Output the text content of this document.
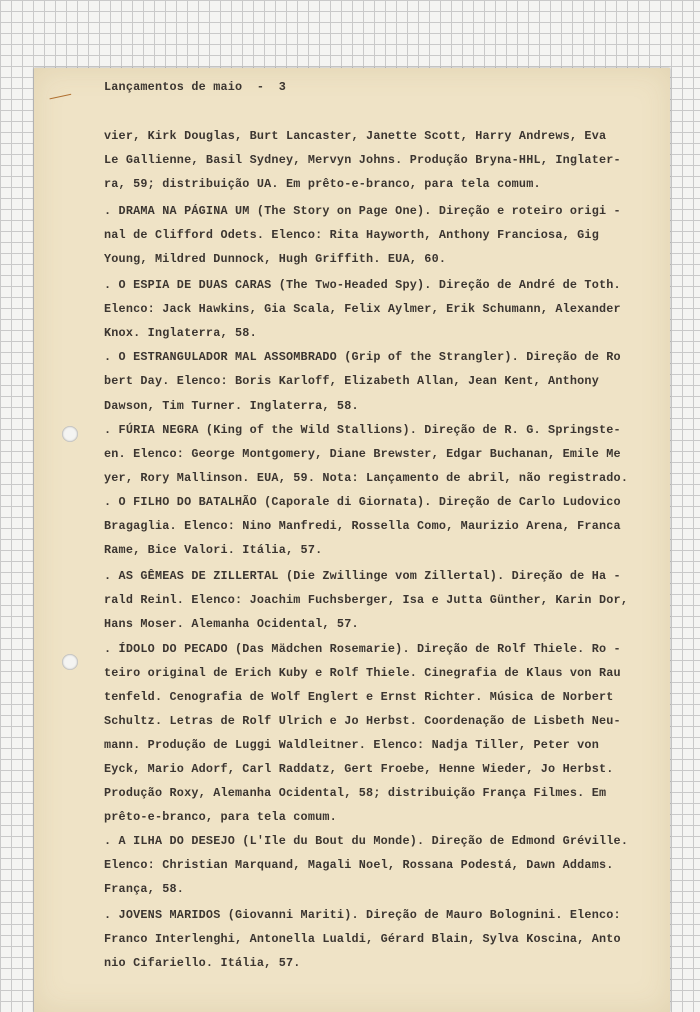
Lançamentos de maio  -  3
vier, Kirk Douglas, Burt Lancaster, Janette Scott, Harry Andrews, Eva
Le Gallienne, Basil Sydney, Mervyn Johns. Produção Bryna-HHL, Inglater-
ra, 59; distribuição UA. Em prêto-e-branco, para tela comum.
. DRAMA NA PÁGINA UM (The Story on Page One). Direção e roteiro origi -
nal de Clifford Odets. Elenco: Rita Hayworth, Anthony Franciosa, Gig
Young, Mildred Dunnock, Hugh Griffith. EUA, 60.
. O ESPIA DE DUAS CARAS (The Two-Headed Spy). Direção de André de Toth.
Elenco: Jack Hawkins, Gia Scala, Felix Aylmer, Erik Schumann, Alexander
Knox. Inglaterra, 58.
. O ESTRANGULADOR MAL ASSOMBRADO (Grip of the Strangler). Direção de Ro
bert Day. Elenco: Boris Karloff, Elizabeth Allan, Jean Kent, Anthony
Dawson, Tim Turner. Inglaterra, 58.
. FÚRIA NEGRA (King of the Wild Stallions). Direção de R. G. Springste-
en. Elenco: George Montgomery, Diane Brewster, Edgar Buchanan, Emile Me
yer, Rory Mallinson. EUA, 59. Nota: Lançamento de abril, não registrado.
. O FILHO DO BATALHÃO (Caporale di Giornata). Direção de Carlo Ludovico
Bragaglia. Elenco: Nino Manfredi, Rossella Como, Maurizio Arena, Franca
Rame, Bice Valori. Itália, 57.
. AS GÊMEAS DE ZILLERTAL (Die Zwillinge vom Zillertal). Direção de Ha -
rald Reinl. Elenco: Joachim Fuchsberger, Isa e Jutta Günther, Karin Dor,
Hans Moser. Alemanha Ocidental, 57.
. ÍDOLO DO PECADO (Das Mädchen Rosemarie). Direção de Rolf Thiele. Ro -
teiro original de Erich Kuby e Rolf Thiele. Cinegrafia de Klaus von Rau
tenfeld. Cenografia de Wolf Englert e Ernst Richter. Música de Norbert
Schultz. Letras de Rolf Ulrich e Jo Herbst. Coordenação de Lisbeth Neu-
mann. Produção de Luggi Waldleitner. Elenco: Nadja Tiller, Peter von
Eyck, Mario Adorf, Carl Raddatz, Gert Froebe, Henne Wieder, Jo Herbst.
Produção Roxy, Alemanha Ocidental, 58; distribuição França Filmes. Em
prêto-e-branco, para tela comum.
. A ILHA DO DESEJO (L'Ile du Bout du Monde). Direção de Edmond Gréville.
Elenco: Christian Marquand, Magali Noel, Rossana Podestá, Dawn Addams.
França, 58.
. JOVENS MARIDOS (Giovanni Mariti). Direção de Mauro Bolognini. Elenco:
Franco Interlenghi, Antonella Lualdi, Gérard Blain, Sylva Koscina, Anto
nio Cifariello. Itália, 57.
